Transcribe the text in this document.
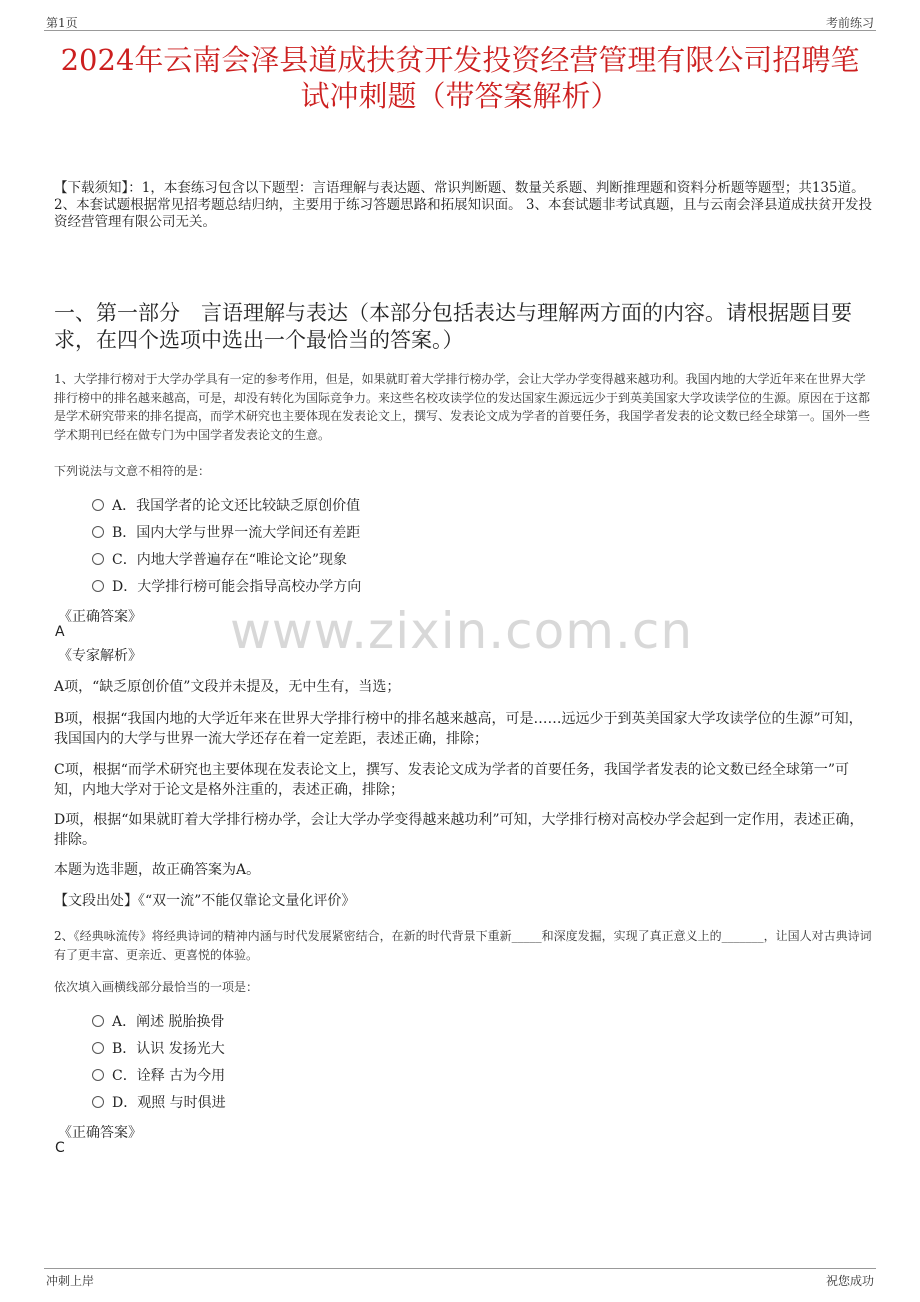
第1页	考前练习
2024年云南会泽县道成扶贫开发投资经营管理有限公司招聘笔
试冲刺题（带答案解析）
【下载须知】：1，本套练习包含以下题型：言语理解与表达题、常识判断题、数量关系题、判断推理题和资料分析题等题型；共135道。 2、本套试题根据常见招考题总结归纳，主要用于练习答题思路和拓展知识面。 3、本套试题非考试真题，且与云南会泽县道成扶贫开发投资经营管理有限公司无关。
一、第一部分　言语理解与表达（本部分包括表达与理解两方面的内容。请根据题目要求，在四个选项中选出一个最恰当的答案。）
1、大学排行榜对于大学办学具有一定的参考作用，但是，如果就盯着大学排行榜办学，会让大学办学变得越来越功利。我国内地的大学近年来在世界大学排行榜中的排名越来越高，可是，却没有转化为国际竞争力。来这些名校攻读学位的发达国家生源远远少于到英美国家大学攻读学位的生源。原因在于这都是学术研究带来的排名提高，而学术研究也主要体现在发表论文上，撰写、发表论文成为学者的首要任务，我国学者发表的论文数已经全球第一。国外一些学术期刊已经在做专门为中国学者发表论文的生意。
下列说法与文意不相符的是：
A．我国学者的论文还比较缺乏原创价值
B．国内大学与世界一流大学间还有差距
C．内地大学普遍存在“唯论文论”现象
D．大学排行榜可能会指导高校办学方向
《正确答案》
A
《专家解析》 www.zixin.com.cn
A项，“缺乏原创价值”文段并未提及，无中生有，当选；
B项，根据“我国内地的大学近年来在世界大学排行榜中的排名越来越高，可是……远远少于到英美国家大学攻读学位的生源”可知，我国国内的大学与世界一流大学还存在着一定差距，表述正确，排除；
C项，根据“而学术研究也主要体现在发表论文上，撰写、发表论文成为学者的首要任务，我国学者发表的论文数已经全球第一”可知，内地大学对于论文是格外注重的，表述正确，排除；
D项，根据“如果就盯着大学排行榜办学，会让大学办学变得越来越功利”可知，大学排行榜对高校办学会起到一定作用，表述正确，排除。
本题为选非题，故正确答案为A。
【文段出处】《“双一流”不能仅靠论文量化评价》
2、《经典咏流传》将经典诗词的精神内涵与时代发展紧密结合，在新的时代背景下重新_____和深度发掘，实现了真正意义上的_______，让国人对古典诗词有了更丰富、更亲近、更喜悦的体验。
依次填入画横线部分最恰当的一项是：
A．阐述 脱胎换骨
B．认识 发扬光大
C．诠释 古为今用
D．观照 与时俱进
《正确答案》
C
冲刺上岸	祝您成功
